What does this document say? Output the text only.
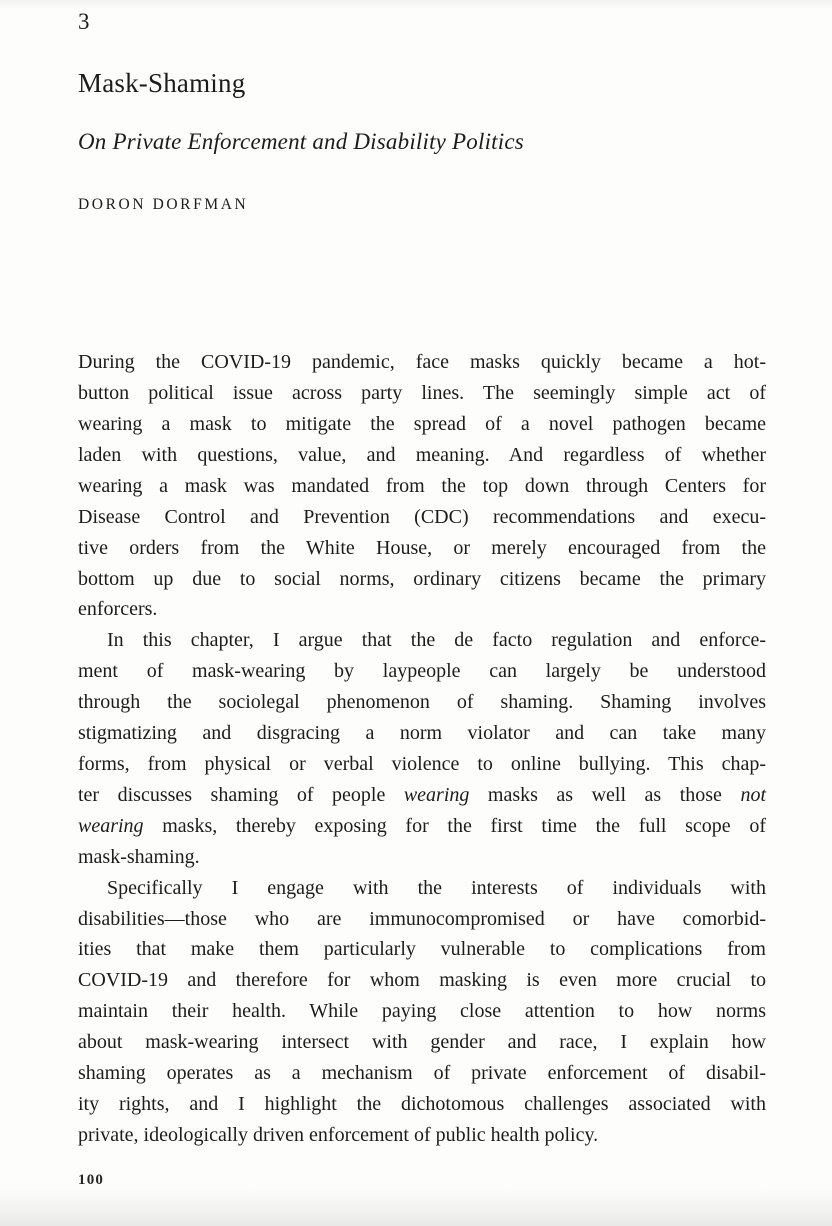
3
Mask-Shaming
On Private Enforcement and Disability Politics
DORON DORFMAN
During the COVID-19 pandemic, face masks quickly became a hot-
button political issue across party lines. The seemingly simple act of
wearing a mask to mitigate the spread of a novel pathogen became
laden with questions, value, and meaning. And regardless of whether
wearing a mask was mandated from the top down through Centers for
Disease Control and Prevention (CDC) recommendations and execu-
tive orders from the White House, or merely encouraged from the
bottom up due to social norms, ordinary citizens became the primary
enforcers.
In this chapter, I argue that the de facto regulation and enforce-
ment of mask-wearing by laypeople can largely be understood
through the sociolegal phenomenon of shaming. Shaming involves
stigmatizing and disgracing a norm violator and can take many
forms, from physical or verbal violence to online bullying. This chap-
ter discusses shaming of people wearing masks as well as those not
wearing masks, thereby exposing for the first time the full scope of
mask-shaming.
Specifically I engage with the interests of individuals with
disabilities—those who are immunocompromised or have comorbid-
ities that make them particularly vulnerable to complications from
COVID-19 and therefore for whom masking is even more crucial to
maintain their health. While paying close attention to how norms
about mask-wearing intersect with gender and race, I explain how
shaming operates as a mechanism of private enforcement of disabil-
ity rights, and I highlight the dichotomous challenges associated with
private, ideologically driven enforcement of public health policy.
100
